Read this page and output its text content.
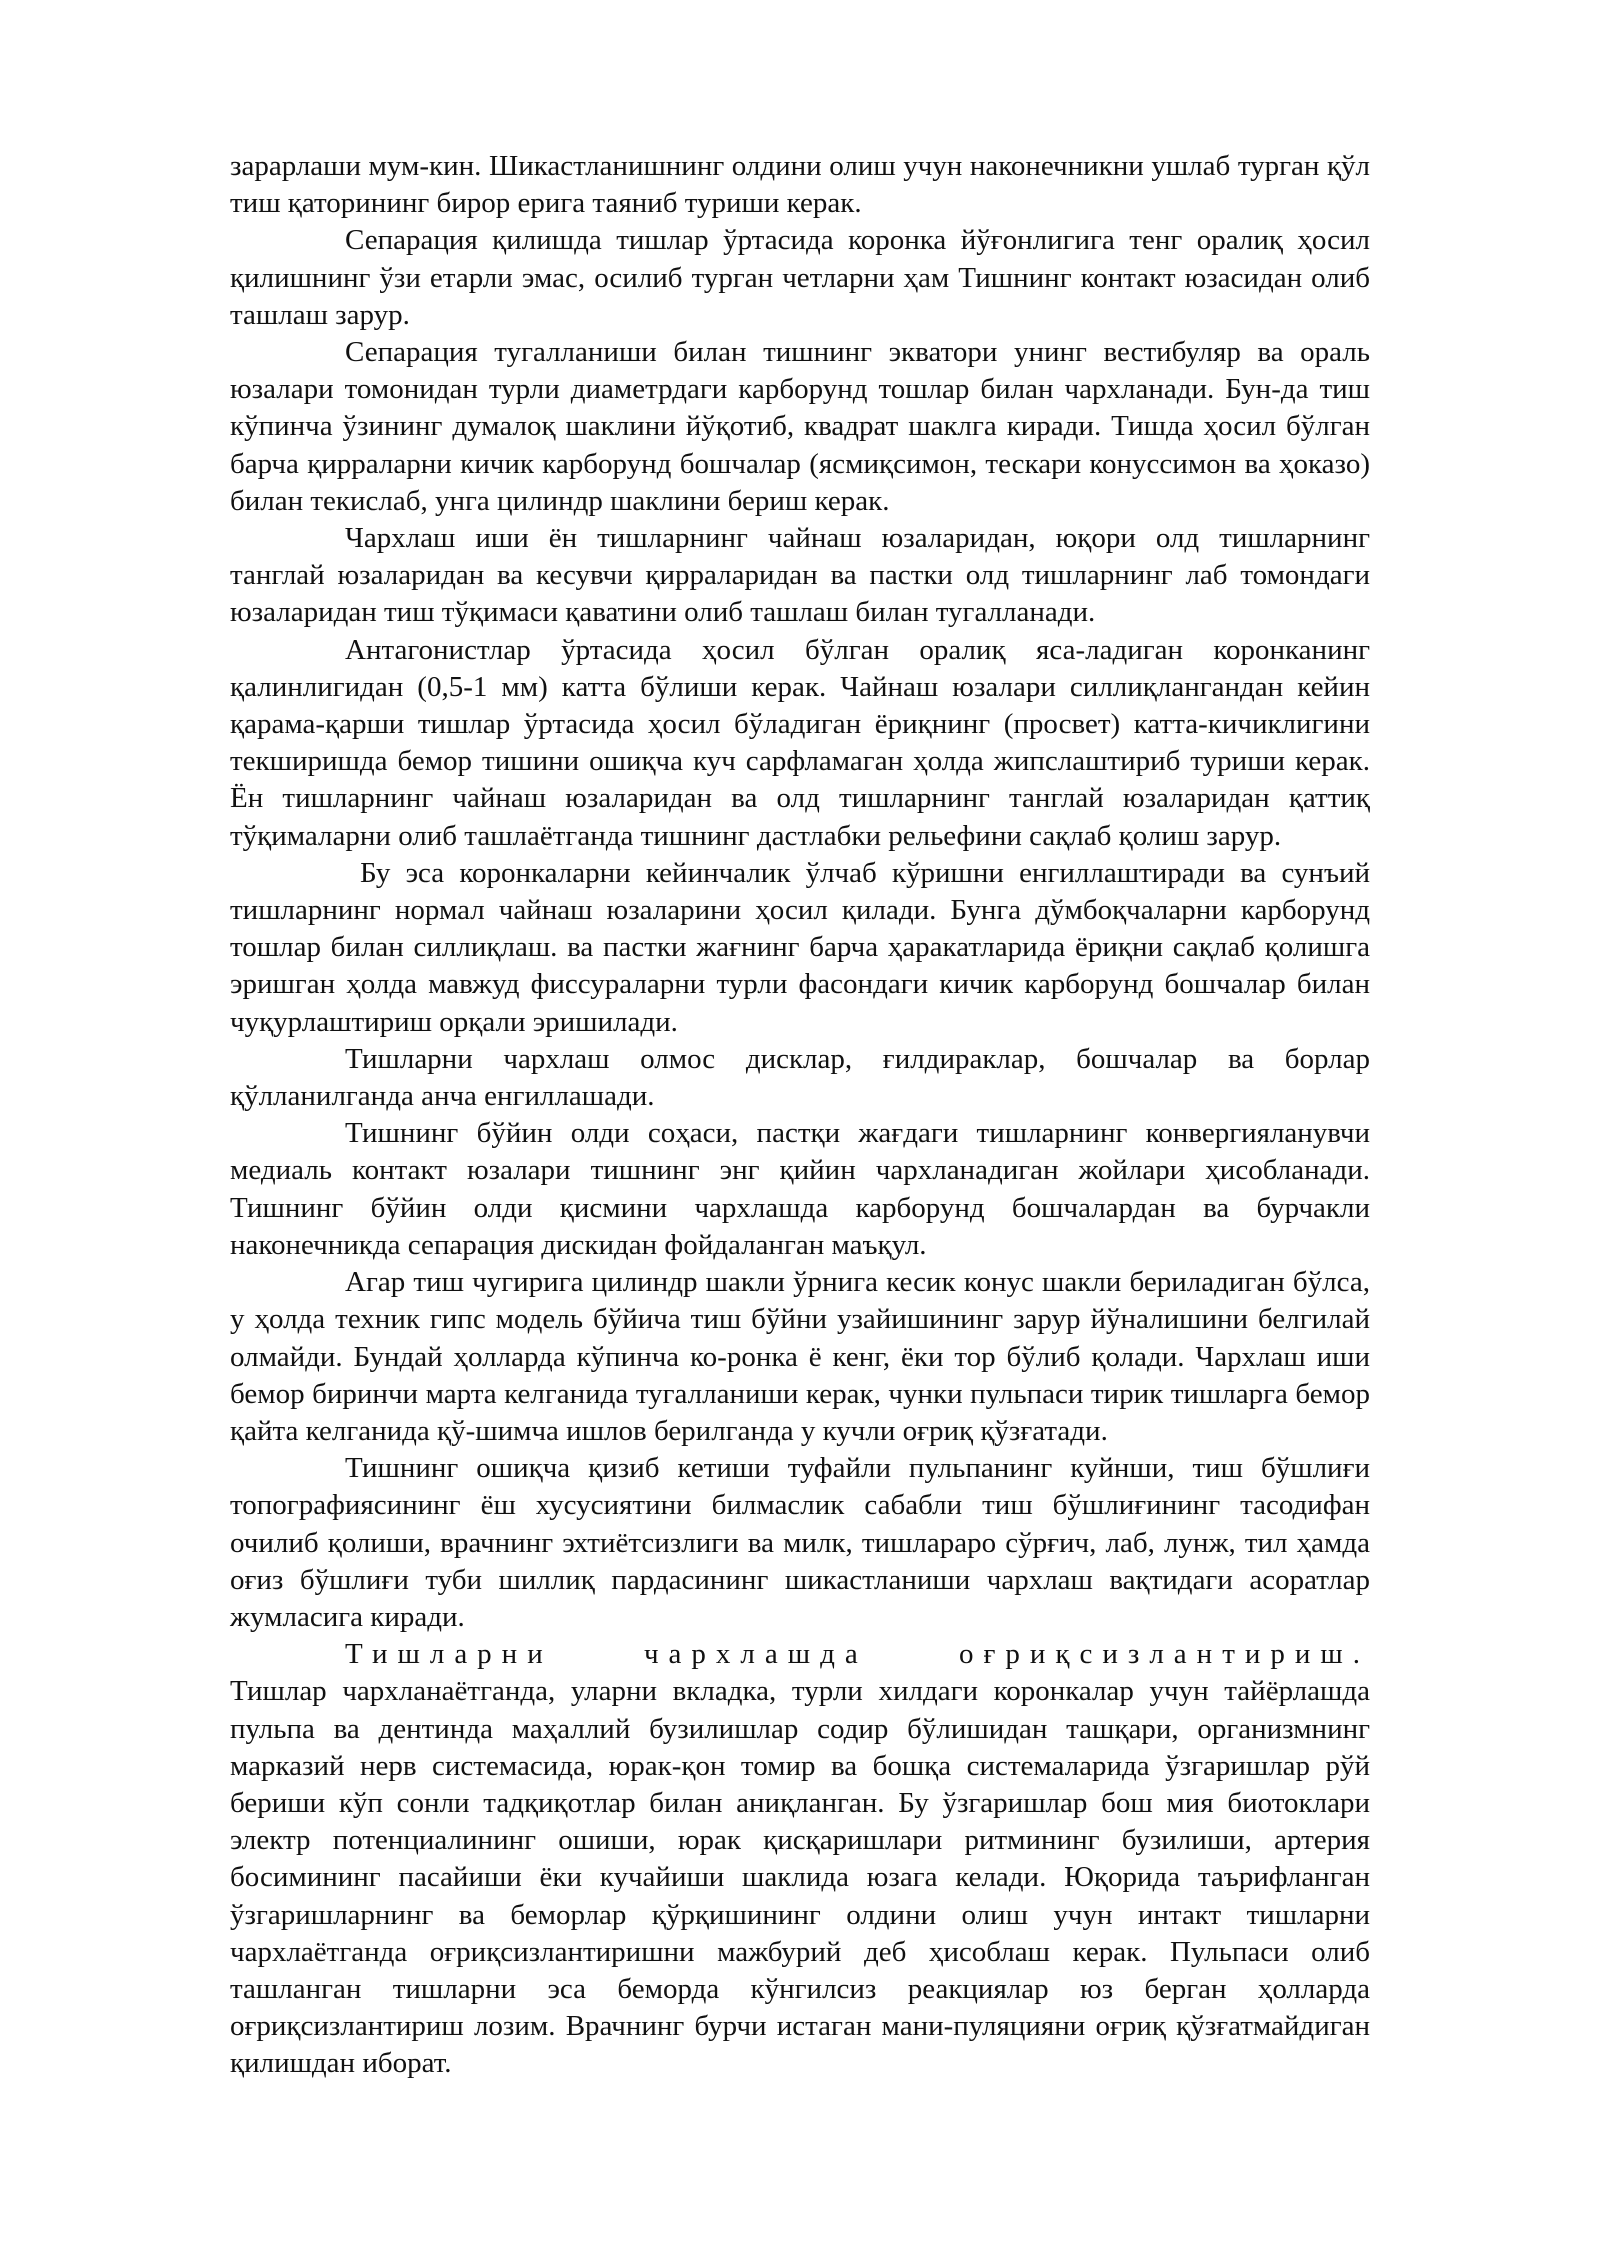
зарарлаши мум-кин. Шикастланишнинг олдини олиш учун наконечникни ушлаб турган қўл тиш қаторининг бирор ерига таяниб туриши керак.

Сепарация қилишда тишлар ўртасида коронка йўғонлигига тенг оралиқ ҳосил қилишнинг ўзи етарли эмас, осилиб турган четларни ҳам Тишнинг контакт юзасидан олиб ташлаш зарур.

Сепарация тугалланиши билан тишнинг экватори унинг вестибуляр ва ораль юзалари томонидан турли диаметрдаги карборунд тошлар билан чархланади. Бун-да тиш кўпинча ўзининг думалоқ шаклини йўқотиб, квадрат шаклга киради. Тишда ҳосил бўлган барча қирраларни кичик карборунд бошчалар (ясмиқсимон, тескари конуссимон ва ҳоказо) билан текислаб, унга цилиндр шаклини бериш керак.

Чархлаш иши ён тишларнинг чайнаш юзаларидан, юқори олд тишларнинг танглай юзаларидан ва кесувчи қирраларидан ва пастки олд тишларнинг лаб томондаги юзаларидан тиш тўқимаси қаватини олиб ташлаш билан тугалланади.

Антагонистлар ўртасида ҳосил бўлган оралиқ яса-ладиган коронканинг қалинлигидан (0,5-1 мм) катта бўлиши керак. Чайнаш юзалари силлиқлангандан кейин қарама-қарши тишлар ўртасида ҳосил бўладиган ёриқнинг (просвет) катта-кичиклигини текширишда бемор тишини ошиқча куч сарфламаган ҳолда жипслаштириб туриши керак. Ён тишларнинг чайнаш юзаларидан ва олд тишларнинг танглай юзаларидан қаттиқ тўқималарни олиб ташлаётганда тишнинг дастлабки рельефини сақлаб қолиш зарур.

Бу эса коронкаларни кейинчалик ўлчаб кўришни енгиллаштиради ва сунъий тишларнинг нормал чайнаш юзаларини ҳосил қилади. Бунга дўмбоқчаларни карборунд тошлар билан силлиқлаш. ва пастки жағнинг барча ҳаракатларида ёриқни сақлаб қолишга эришган ҳолда мавжуд фиссураларни турли фасондаги кичик карборунд бошчалар билан чуқурлаштириш орқали эришилади.

Тишларни чархлаш олмос дисклар, ғилдираклар, бошчалар ва борлар қўлланилганда анча енгиллашади.

Тишнинг бўйин олди соҳаси, пастқи жағдаги тишларнинг конвергияланувчи медиаль контакт юзалари тишнинг энг қийин чархланадиган жойлари ҳисобланади. Тишнинг бўйин олди қисмини чархлашда карборунд бошчалардан ва бурчакли наконечникда сепарация дискидан фойдаланган маъқул.

Агар тиш чугирига цилиндр шакли ўрнига кесик конус шакли бериладиган бўлса, у ҳолда техник гипс модель бўйича тиш бўйни узайишининг зарур йўналишини белгилай олмайди. Бундай ҳолларда кўпинча ко-ронка ё кенг, ёки тор бўлиб қолади. Чархлаш иши бемор биринчи марта келганида тугалланиши керак, чунки пульпаси тирик тишларга бемор қайта келганида қў-шимча ишлов берилганда у кучли оғриқ қўзғатади.

Тишнинг ошиқча қизиб кетиши туфайли пульпанинг куйнши, тиш бўшлиғи топографиясининг ёш хусусиятини билмаслик сабабли тиш бўшлиғининг тасодифан очилиб қолиши, врачнинг эхтиётсизлиги ва милк, тишлараро сўрғич, лаб, лунж, тил ҳамда оғиз бўшлиғи туби шиллиқ пардасининг шикастланиши чархлаш вақтидаги асоратлар жумласига киради.

Тишларни чархлашда оғриқсизлантириш. Тишлар чархланаётганда, уларни вкладка, турли хилдаги коронкалар учун тайёрлашда пульпа ва дентинда маҳаллий бузилишлар содир бўлишидан ташқари, организмнинг марказий нерв системасида, юрак-қон томир ва бошқа системаларида ўзгаришлар рўй бериши кўп сонли тадқиқотлар билан аниқланган. Бу ўзгаришлар бош мия биотоклари электр потенциалининг ошиши, юрак қисқаришлари ритмининг бузилиши, артерия босимининг пасайиши ёки кучайиши шаклида юзага келади. Юқорида таърифланган ўзгаришларнинг ва беморлар қўрқишининг олдини олиш учун интакт тишларни чархлаётганда оғриқсизлантиришни мажбурий деб ҳисоблаш керак. Пульпаси олиб ташланган тишларни эса беморда кўнгилсиз реакциялар юз берган ҳолларда оғриқсизлантириш лозим. Врачнинг бурчи истаган мани-пуляцияни оғриқ қўзғатмайдиган қилишдан иборат.
